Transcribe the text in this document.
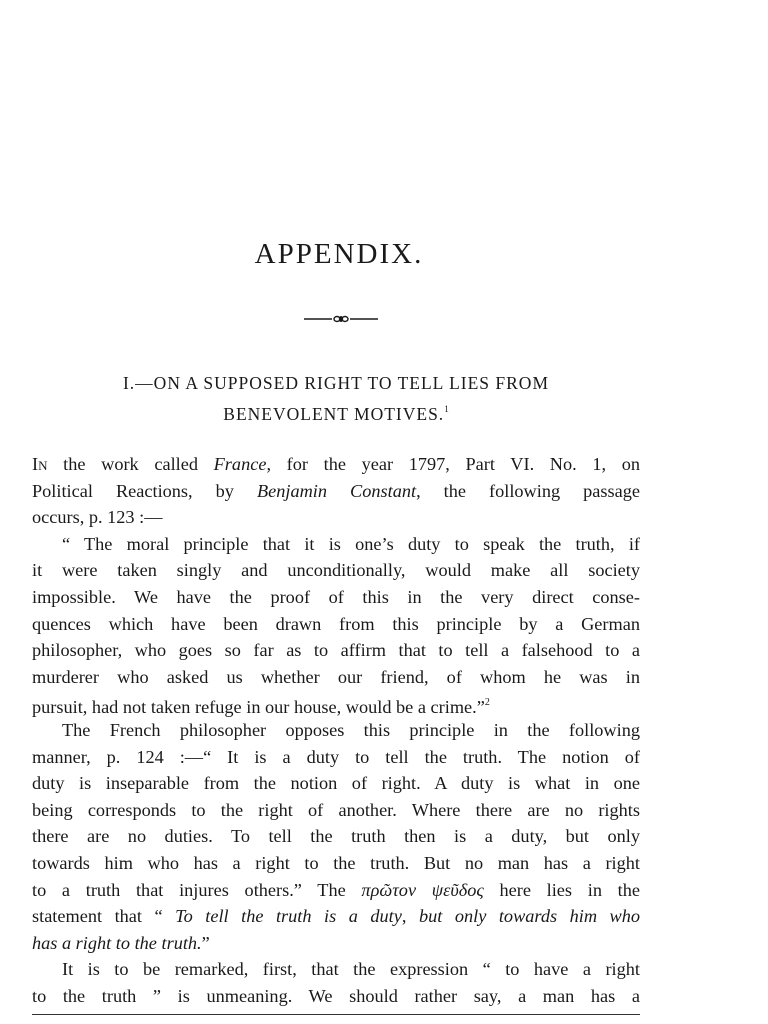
APPENDIX.
I.—ON A SUPPOSED RIGHT TO TELL LIES FROM
BENEVOLENT MOTIVES.$^1$
In the work called France, for the year 1797, Part VI. No. 1, on
Political Reactions, by Benjamin Constant, the following passage
occurs, p. 123 :—
“ The moral principle that it is one’s duty to speak the truth, if
it were taken singly and unconditionally, would make all society
impossible. We have the proof of this in the very direct conse-
quences which have been drawn from this principle by a German
philosopher, who goes so far as to affirm that to tell a falsehood to a
murderer who asked us whether our friend, of whom he was in
pursuit, had not taken refuge in our house, would be a crime.”$^2$
The French philosopher opposes this principle in the following
manner, p. 124 :—“ It is a duty to tell the truth. The notion of
duty is inseparable from the notion of right. A duty is what in one
being corresponds to the right of another. Where there are no rights
there are no duties. To tell the truth then is a duty, but only
towards him who has a right to the truth. But no man has a right
to a truth that injures others.” The πρῶτον ψεῦδος here lies in the
statement that “ To tell the truth is a duty, but only towards him who
has a right to the truth.”
It is to be remarked, first, that the expression “ to have a right
to the truth ” is unmeaning. We should rather say, a man has a
